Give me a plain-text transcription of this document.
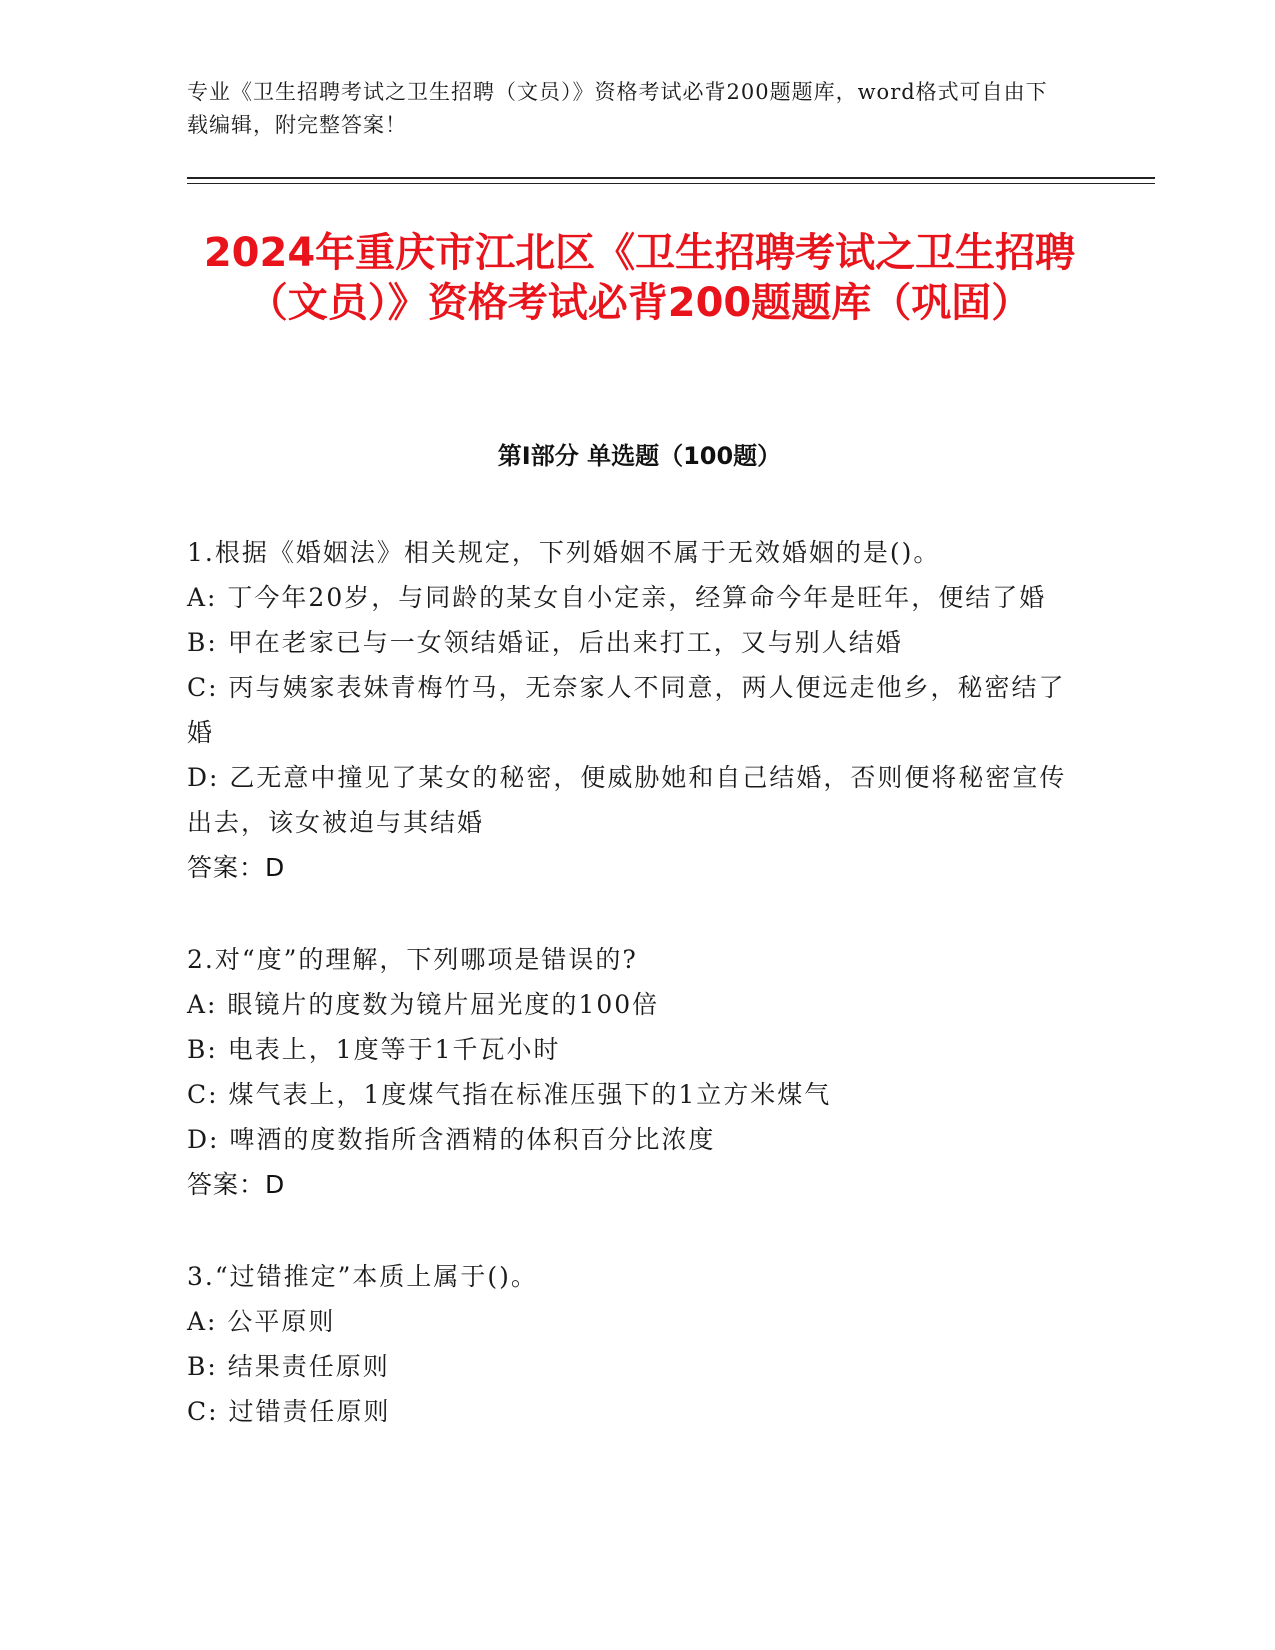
专业《卫生招聘考试之卫生招聘（文员）》资格考试必背200题题库，word格式可自由下载编辑，附完整答案！
2024年重庆市江北区《卫生招聘考试之卫生招聘（文员）》资格考试必背200题题库（巩固）
第Ⅰ部分 单选题（100题）
1.根据《婚姻法》相关规定，下列婚姻不属于无效婚姻的是()。
A: 丁今年20岁，与同龄的某女自小定亲，经算命今年是旺年，便结了婚
B: 甲在老家已与一女领结婚证，后出来打工，又与别人结婚
C: 丙与姨家表妹青梅竹马，无奈家人不同意，两人便远走他乡，秘密结了婚
D: 乙无意中撞见了某女的秘密，便威胁她和自己结婚，否则便将秘密宣传出去，该女被迫与其结婚
答案：D
2.对“度”的理解，下列哪项是错误的?
A: 眼镜片的度数为镜片屈光度的100倍
B: 电表上，1度等于1千瓦小时
C: 煤气表上，1度煤气指在标准压强下的1立方米煤气
D: 啤酒的度数指所含酒精的体积百分比浓度
答案：D
3.“过错推定”本质上属于()。
A: 公平原则
B: 结果责任原则
C: 过错责任原则
